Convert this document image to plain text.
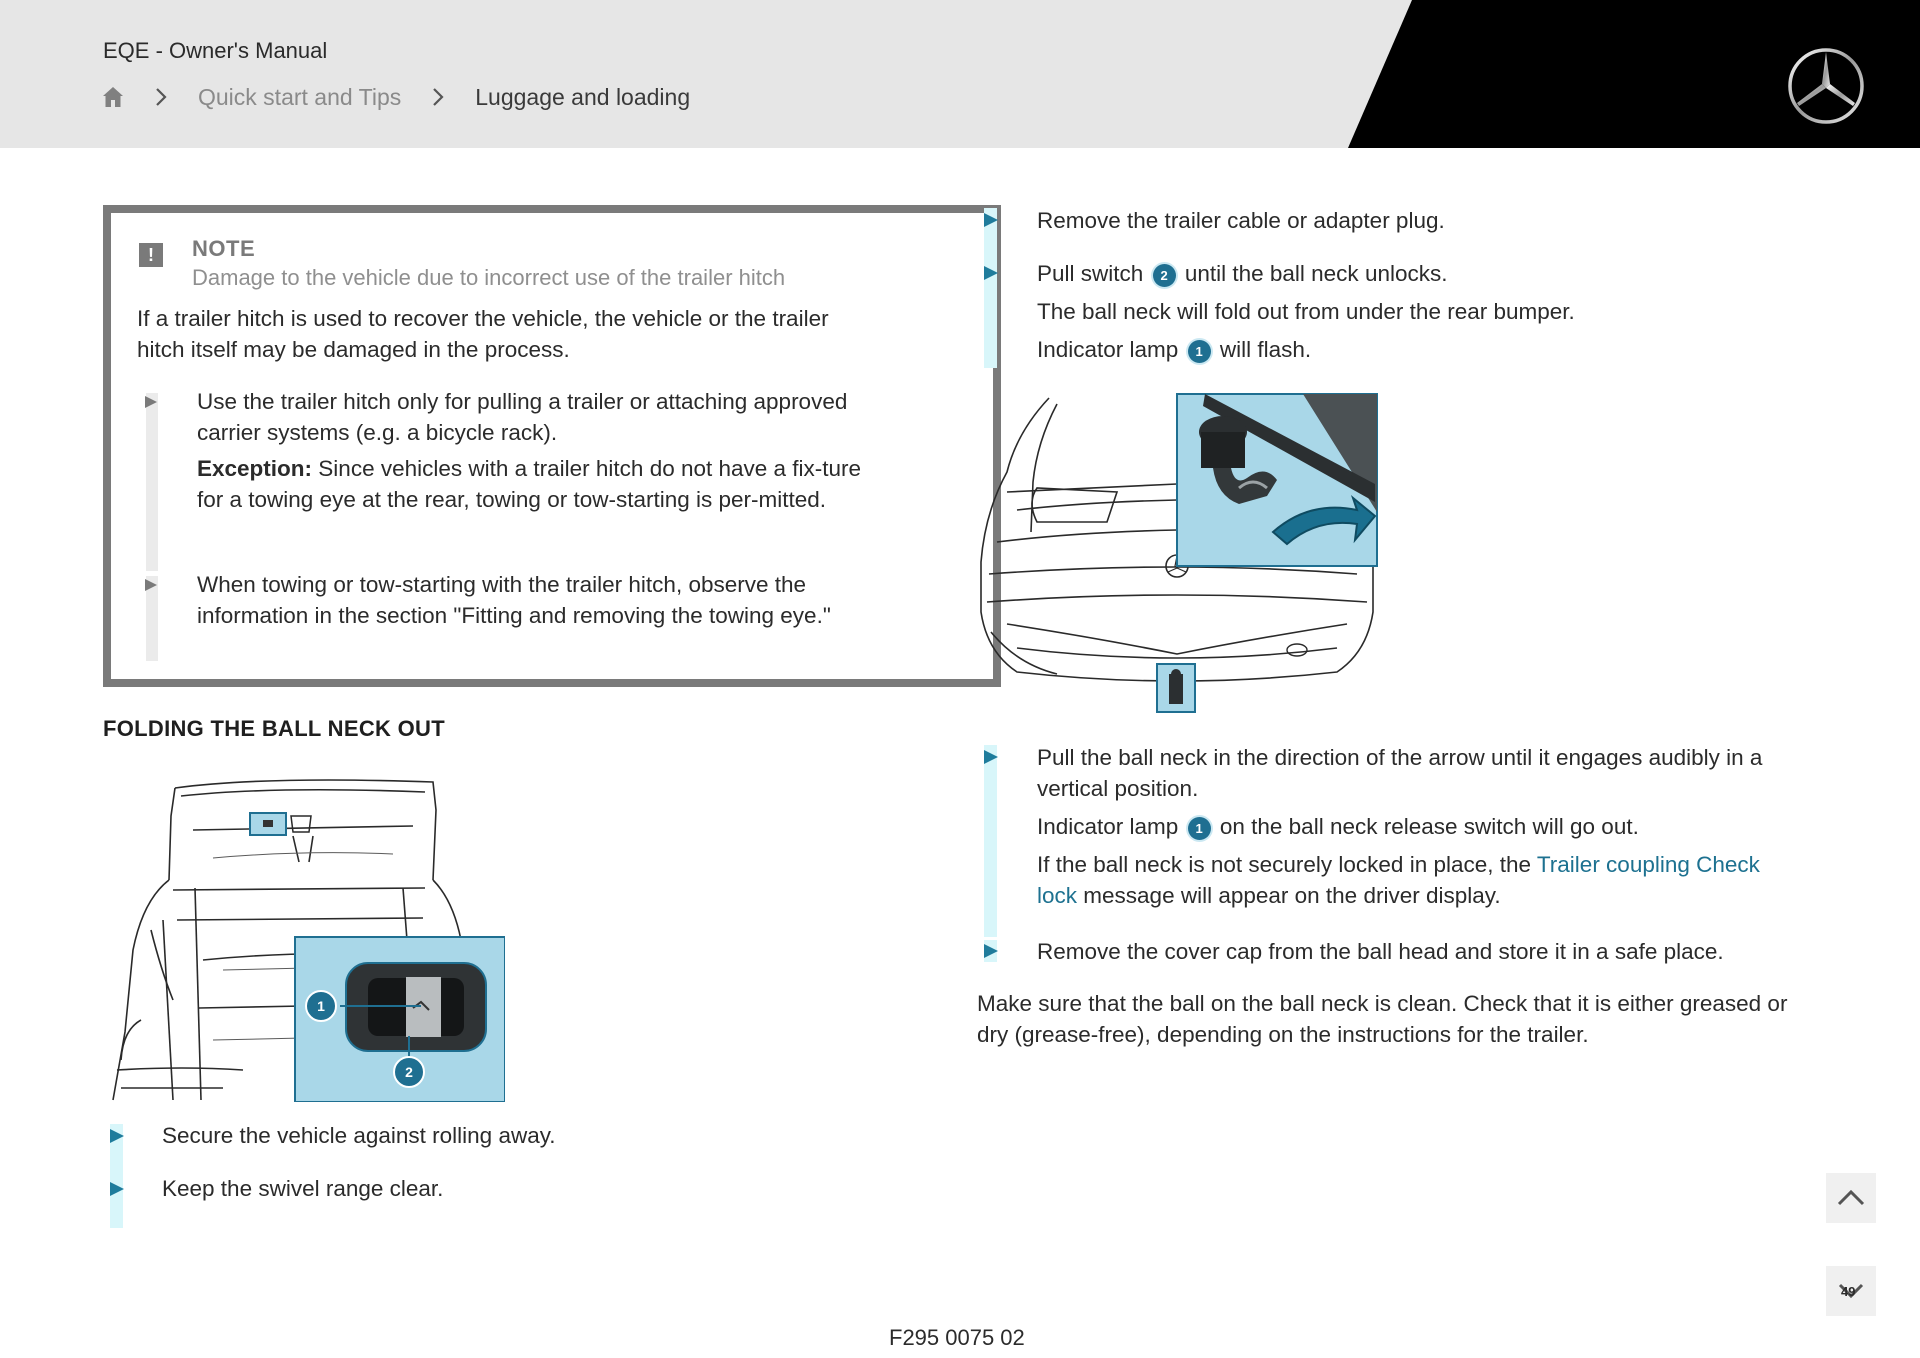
EQE - Owner's Manual
Quick start and Tips	Luggage and loading
!	NOTE
Damage to the vehicle due to incorrect use of the trailer hitch
If a trailer hitch is used to recover the vehicle, the vehicle or the trailer hitch itself may be damaged in the process.

Use the trailer hitch only for pulling a trailer or attaching approved carrier systems (e.g. a bicycle rack).

Exception: Since vehicles with a trailer hitch do not have a fix-ture for a towing eye at the rear, towing or tow-starting is per-mitted.

When towing or tow-starting with the trailer hitch, observe the information in the section "Fitting and removing the towing eye."

FOLDING THE BALL NECK OUT
1
2
Secure the vehicle against rolling away.
Keep the swivel range clear.
Remove the trailer cable or adapter plug.

Pull switch 2 until the ball neck unlocks.

The ball neck will fold out from under the rear bumper.

Indicator lamp 1 will flash.

Pull the ball neck in the direction of the arrow until it engages audibly in a vertical position.

Indicator lamp 1 on the ball neck release switch will go out.

If the ball neck is not securely locked in place, the Trailer coupling Check lock message will appear on the driver display.

Remove the cover cap from the ball head and store it in a safe place.

Make sure that the ball on the ball neck is clean. Check that it is either greased or dry (grease-free), depending on the instructions for the trailer.

F295 0075 02
49
